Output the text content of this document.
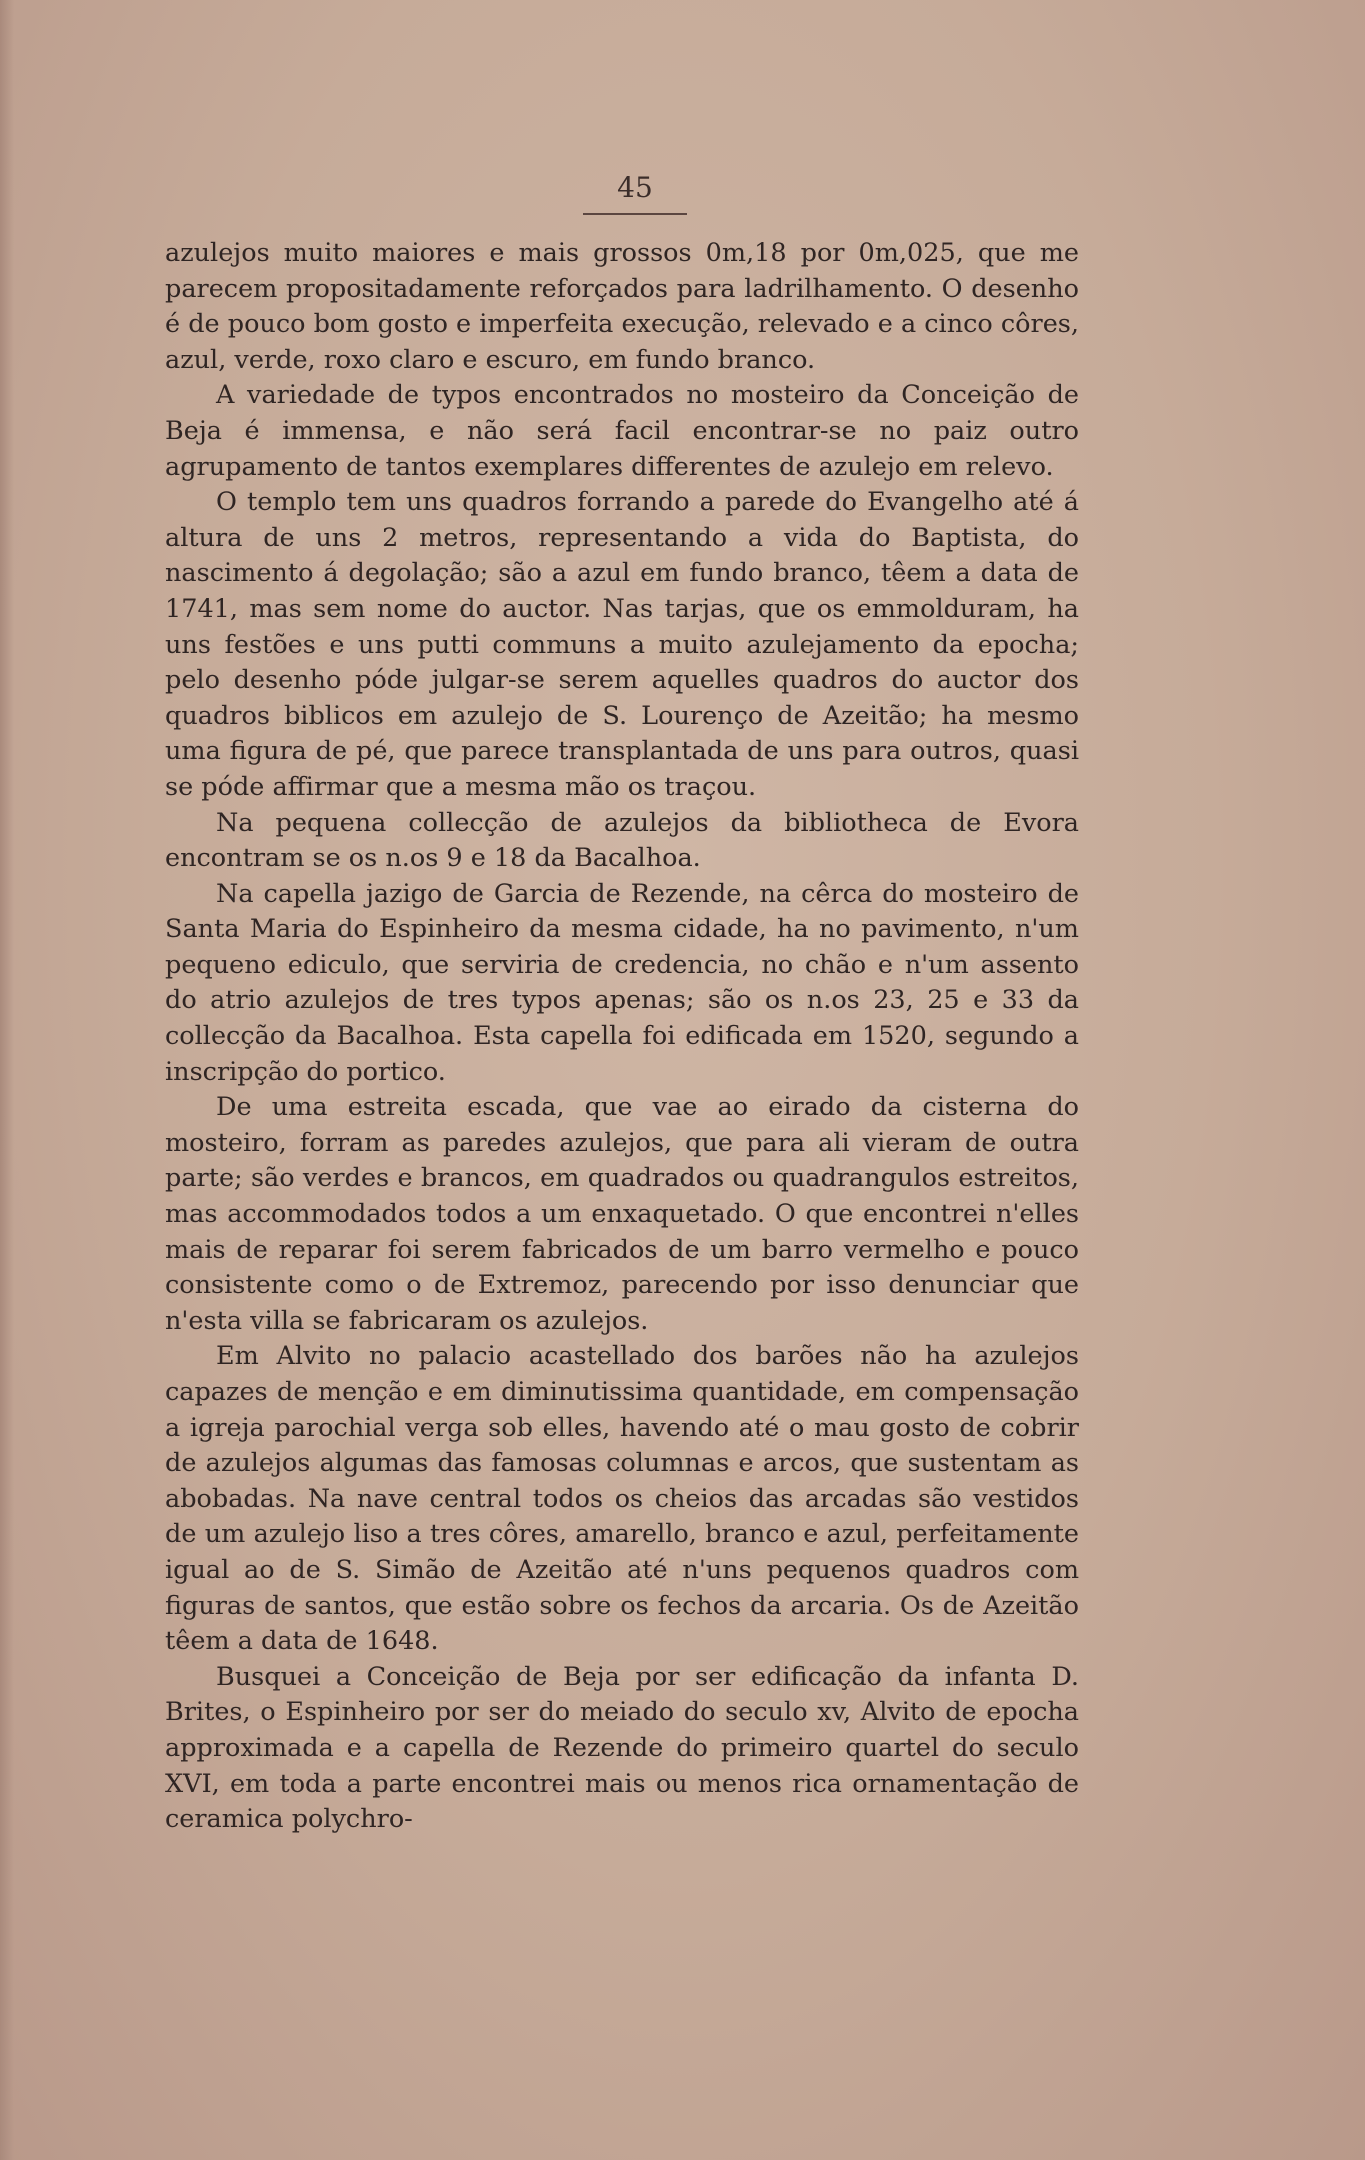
45

azulejos muito maiores e mais grossos 0m,18 por 0m,025, que me parecem propositadamente reforçados para ladrilhamento. O desenho é de pouco bom gosto e imperfeita execução, relevado e a cinco côres, azul, verde, roxo claro e escuro, em fundo branco.

A variedade de typos encontrados no mosteiro da Conceição de Beja é immensa, e não será facil encontrar-se no paiz outro agrupamento de tantos exemplares differentes de azulejo em relevo.

O templo tem uns quadros forrando a parede do Evangelho até á altura de uns 2 metros, representando a vida do Baptista, do nascimento á degolação; são a azul em fundo branco, têem a data de 1741, mas sem nome do auctor. Nas tarjas, que os emmolduram, ha uns festões e uns putti communs a muito azulejamento da epocha; pelo desenho póde julgar-se serem aquelles quadros do auctor dos quadros biblicos em azulejo de S. Lourenço de Azeitão; ha mesmo uma figura de pé, que parece transplantada de uns para outros, quasi se póde affirmar que a mesma mão os traçou.

Na pequena collecção de azulejos da bibliotheca de Evora encontram se os n.os 9 e 18 da Bacalhoa.

Na capella jazigo de Garcia de Rezende, na cêrca do mosteiro de Santa Maria do Espinheiro da mesma cidade, ha no pavimento, n'um pequeno ediculo, que serviria de credencia, no chão e n'um assento do atrio azulejos de tres typos apenas; são os n.os 23, 25 e 33 da collecção da Bacalhoa. Esta capella foi edificada em 1520, segundo a inscripção do portico.

De uma estreita escada, que vae ao eirado da cisterna do mosteiro, forram as paredes azulejos, que para ali vieram de outra parte; são verdes e brancos, em quadrados ou quadrangulos estreitos, mas accommodados todos a um enxaquetado. O que encontrei n'elles mais de reparar foi serem fabricados de um barro vermelho e pouco consistente como o de Extremoz, parecendo por isso denunciar que n'esta villa se fabricaram os azulejos.

Em Alvito no palacio acastellado dos barões não ha azulejos capazes de menção e em diminutissima quantidade, em compensação a igreja parochial verga sob elles, havendo até o mau gosto de cobrir de azulejos algumas das famosas columnas e arcos, que sustentam as abobadas. Na nave central todos os cheios das arcadas são vestidos de um azulejo liso a tres côres, amarello, branco e azul, perfeitamente igual ao de S. Simão de Azeitão até n'uns pequenos quadros com figuras de santos, que estão sobre os fechos da arcaria. Os de Azeitão têem a data de 1648.

Busquei a Conceição de Beja por ser edificação da infanta D. Brites, o Espinheiro por ser do meiado do seculo xv, Alvito de epocha approximada e a capella de Rezende do primeiro quartel do seculo XVI, em toda a parte encontrei mais ou menos rica ornamentação de ceramica polychro-
